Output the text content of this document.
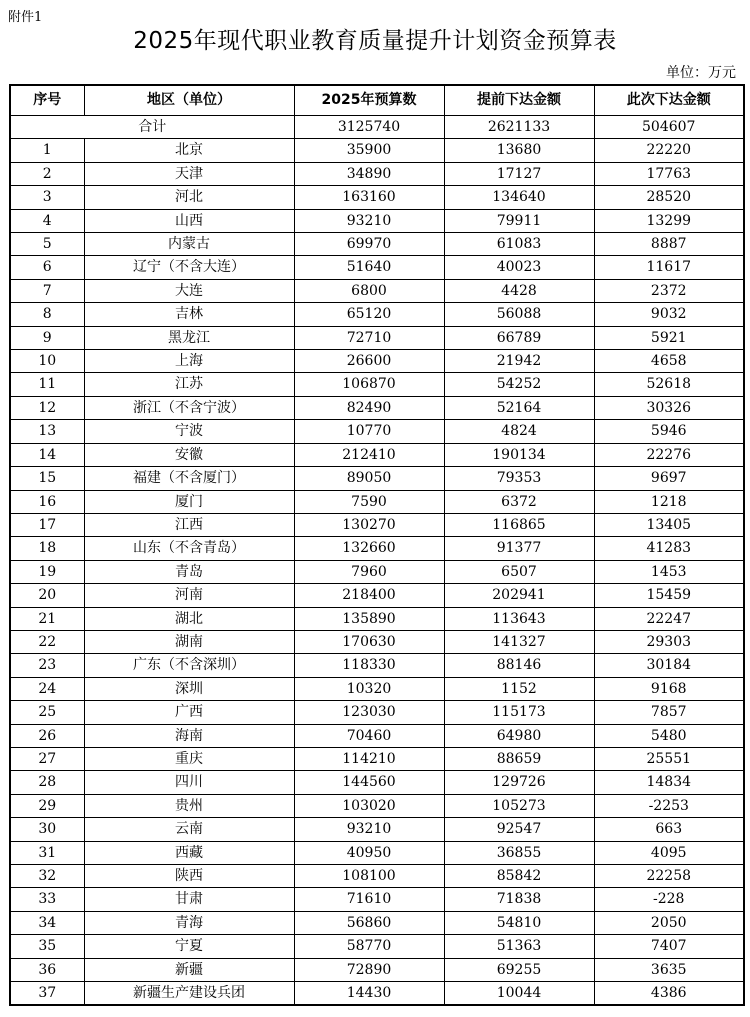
附件1
2025年现代职业教育质量提升计划资金预算表
单位：万元
序号	地区（单位）	2025年预算数	提前下达金额	此次下达金额
合计		3125740	2621133	504607
1	北京	35900	13680	22220
2	天津	34890	17127	17763
3	河北	163160	134640	28520
4	山西	93210	79911	13299
5	内蒙古	69970	61083	8887
6	辽宁（不含大连）	51640	40023	11617
7	大连	6800	4428	2372
8	吉林	65120	56088	9032
9	黑龙江	72710	66789	5921
10	上海	26600	21942	4658
11	江苏	106870	54252	52618
12	浙江（不含宁波）	82490	52164	30326
13	宁波	10770	4824	5946
14	安徽	212410	190134	22276
15	福建（不含厦门）	89050	79353	9697
16	厦门	7590	6372	1218
17	江西	130270	116865	13405
18	山东（不含青岛）	132660	91377	41283
19	青岛	7960	6507	1453
20	河南	218400	202941	15459
21	湖北	135890	113643	22247
22	湖南	170630	141327	29303
23	广东（不含深圳）	118330	88146	30184
24	深圳	10320	1152	9168
25	广西	123030	115173	7857
26	海南	70460	64980	5480
27	重庆	114210	88659	25551
28	四川	144560	129726	14834
29	贵州	103020	105273	-2253
30	云南	93210	92547	663
31	西藏	40950	36855	4095
32	陕西	108100	85842	22258
33	甘肃	71610	71838	-228
34	青海	56860	54810	2050
35	宁夏	58770	51363	7407
36	新疆	72890	69255	3635
37	新疆生产建设兵团	14430	10044	4386
